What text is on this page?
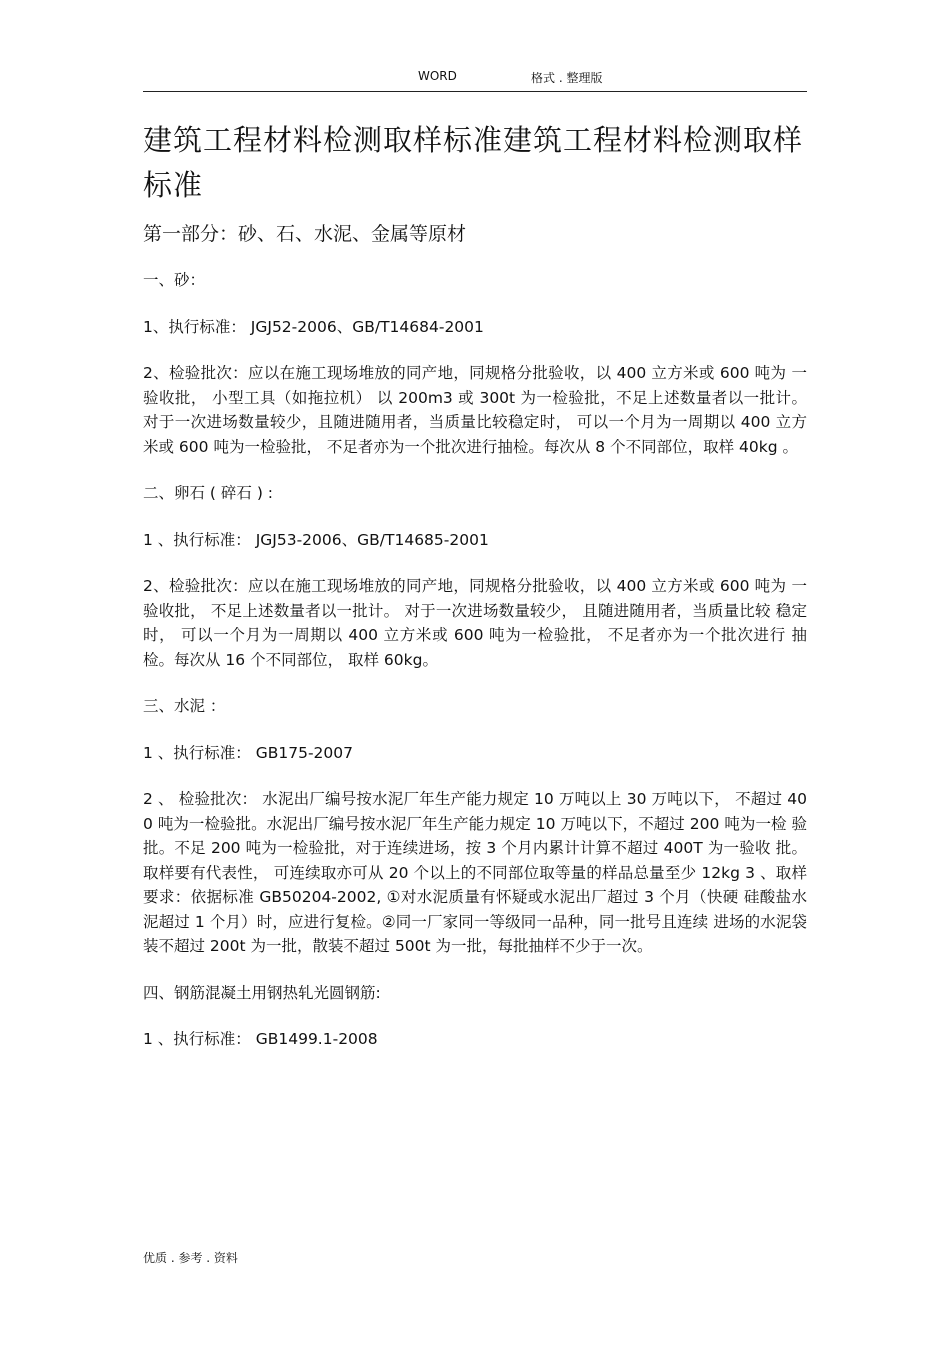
WORD	格式 . 整理版
建筑工程材料检测取样标准建筑工程材料检测取样标准
第一部分：砂、石、水泥、金属等原材

一、砂：

1、执行标准： JGJ52-2006、GB/T14684-2001

2、检验批次：应以在施工现场堆放的同产地，同规格分批验收，以 400 立方米或 600 吨为 一验收批， 小型工具（如拖拉机） 以 200m3 或 300t 为一检验批，不足上述数量者以一批计。 对于一次进场数量较少，且随进随用者，当质量比较稳定时， 可以一个月为一周期以 400 立方米或 600 吨为一检验批， 不足者亦为一个批次进行抽检。每次从 8 个不同部位，取样 40kg 。

二、卵石 ( 碎石 ) :

1 、执行标准： JGJ53-2006、GB/T14685-2001

2、检验批次：应以在施工现场堆放的同产地，同规格分批验收，以 400 立方米或 600 吨为 一验收批， 不足上述数量者以一批计。 对于一次进场数量较少， 且随进随用者，当质量比较 稳定时， 可以一个月为一周期以 400 立方米或 600 吨为一检验批， 不足者亦为一个批次进行 抽检。每次从 16 个不同部位， 取样 60kg。

三、水泥 ：

1 、执行标准： GB175-2007

2 、 检验批次： 水泥出厂编号按水泥厂年生产能力规定 10 万吨以上 30 万吨以下， 不超过 400 吨为一检验批。水泥出厂编号按水泥厂年生产能力规定 10 万吨以下，不超过 200 吨为一检 验批。不足 200 吨为一检验批，对于连续进场，按 3 个月内累计计算不超过 400T 为一验收 批。取样要有代表性， 可连续取亦可从 20 个以上的不同部位取等量的样品总量至少 12kg 3 、取样要求：依据标准 GB50204-2002, ①对水泥质量有怀疑或水泥出厂超过 3 个月（快硬 硅酸盐水泥超过 1 个月）时，应进行复检。②同一厂家同一等级同一品种，同一批号且连续 进场的水泥袋装不超过 200t 为一批，散装不超过 500t 为一批，每批抽样不少于一次。

四、钢筋混凝土用钢热轧光圆钢筋:

1 、执行标准： GB1499.1-2008

优质 . 参考 . 资料
